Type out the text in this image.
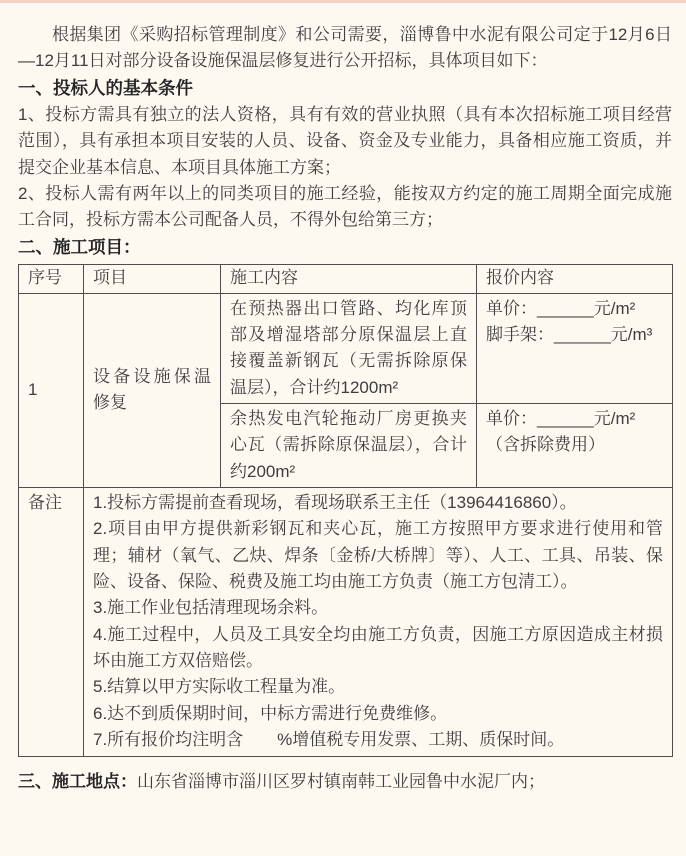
根据集团《采购招标管理制度》和公司需要，淄博鲁中水泥有限公司定于12月6日—12月11日对部分设备设施保温层修复进行公开招标，具体项目如下：

一、投标人的基本条件

1、投标方需具有独立的法人资格，具有有效的营业执照（具有本次招标施工项目经营范围），具有承担本项目安装的人员、设备、资金及专业能力，具备相应施工资质，并提交企业基本信息、本项目具体施工方案；

2、投标人需有两年以上的同类项目的施工经验，能按双方约定的施工周期全面完成施工合同，投标方需本公司配备人员，不得外包给第三方；

二、施工项目：

序号	项目	施工内容	报价内容
1	设备设施保温修复	在预热器出口管路、均化库顶部及增湿塔部分原保温层上直接覆盖新钢瓦（无需拆除原保温层），合计约1200m²	单价：______元/m²
脚手架：______元/m³

		余热发电汽轮拖动厂房更换夹心瓦（需拆除原保温层），合计约200m²	单价：______元/m²
（含拆除费用）

备注	1.投标方需提前查看现场，看现场联系王主任（13964416860）。
2.项目由甲方提供新彩钢瓦和夹心瓦，施工方按照甲方要求进行使用和管理；辅材（氧气、乙炔、焊条〔金桥/大桥牌〕等）、人工、工具、吊装、保险、设备、保险、税费及施工均由施工方负责（施工方包清工）。
3.施工作业包括清理现场余料。
4.施工过程中，人员及工具安全均由施工方负责，因施工方原因造成主材损坏由施工方双倍赔偿。
5.结算以甲方实际收工程量为准。
6.达不到质保期时间，中标方需进行免费维修。
7.所有报价均注明含　　%增值税专用发票、工期、质保时间。

三、施工地点：山东省淄博市淄川区罗村镇南韩工业园鲁中水泥厂内；
